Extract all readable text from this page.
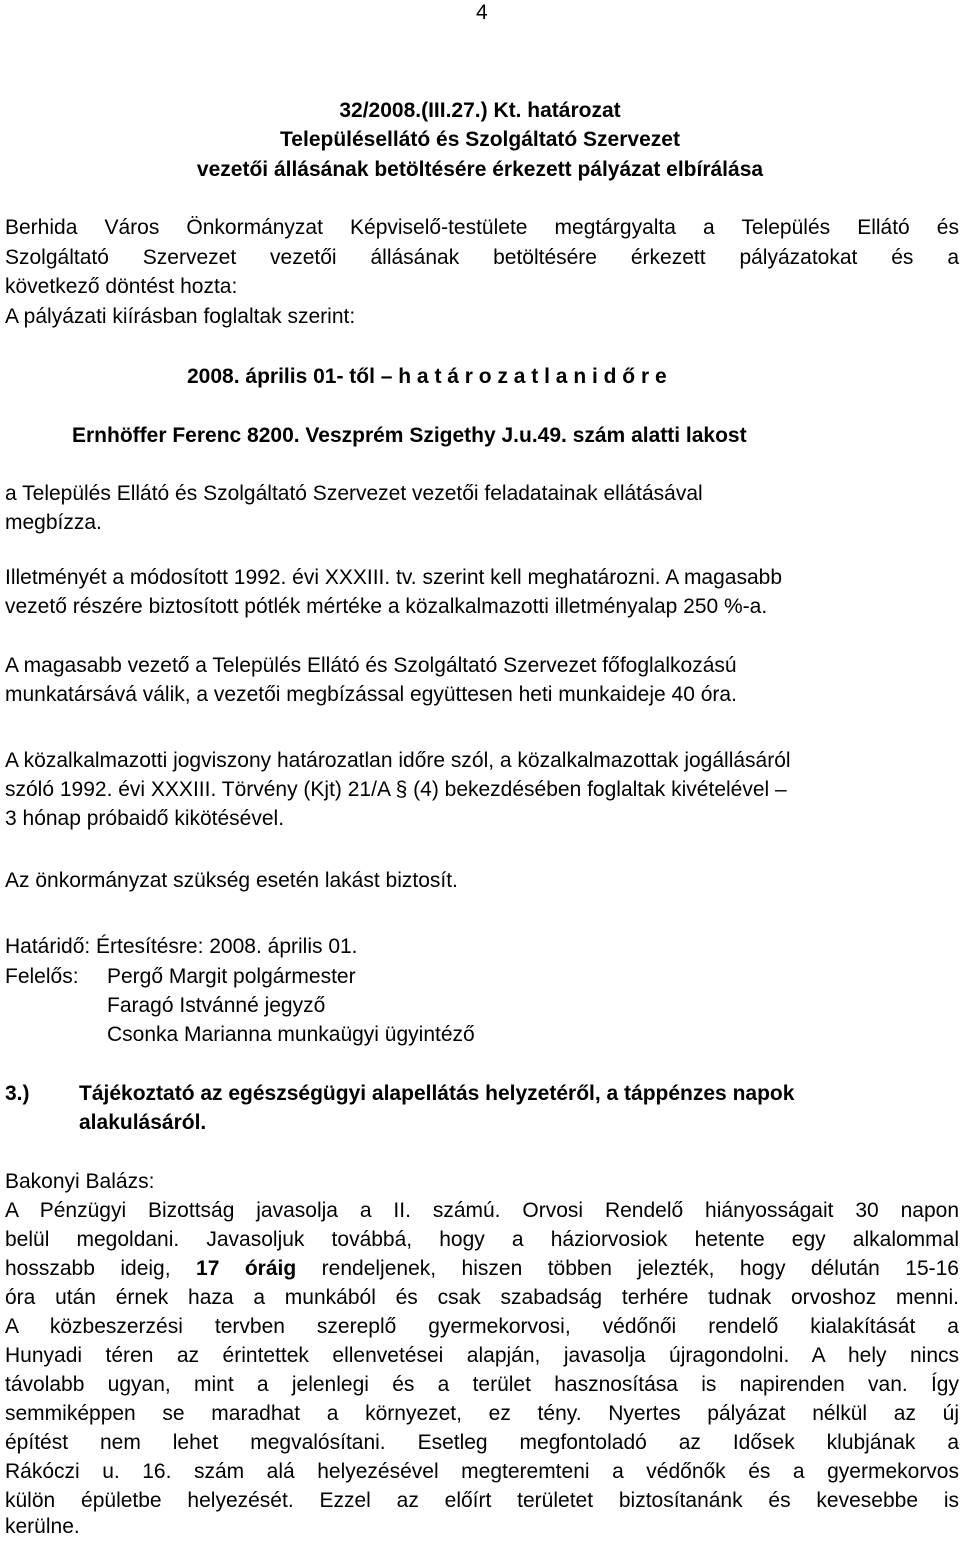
4
32/2008.(III.27.) Kt. határozat
Településellátó és Szolgáltató Szervezet
vezetői állásának betöltésére érkezett pályázat elbírálása
Berhida Város Önkormányzat Képviselő-testülete megtárgyalta a Település Ellátó és
Szolgáltató Szervezet vezetői állásának betöltésére érkezett pályázatokat és a
következő döntést hozta:
A pályázati kiírásban foglaltak szerint:
2008. április 01- től – h a t á r o z a t l a n i d ő r e
Ernhöffer Ferenc 8200. Veszprém Szigethy J.u.49. szám alatti lakost
a Település Ellátó és Szolgáltató Szervezet vezetői feladatainak ellátásával
megbízza.
Illetményét a módosított 1992. évi XXXIII. tv. szerint kell meghatározni. A magasabb
vezető részére biztosított pótlék mértéke a közalkalmazotti illetményalap 250 %-a.
A magasabb vezető a Település Ellátó és Szolgáltató Szervezet főfoglalkozású
munkatársává válik, a vezetői megbízással együttesen heti munkaideje 40 óra.
A közalkalmazotti jogviszony határozatlan időre szól, a közalkalmazottak jogállásáról
szóló 1992. évi XXXIII. Törvény (Kjt) 21/A § (4) bekezdésében foglaltak kivételével –
3 hónap próbaidő kikötésével.
Az önkormányzat szükség esetén lakást biztosít.
Határidő: Értesítésre: 2008. április 01.
Felelős: Pergő Margit polgármester
Faragó Istvánné jegyző
Csonka Marianna munkaügyi ügyintéző
3.) Tájékoztató az egészségügyi alapellátás helyzetéről, a táppénzes napok
alakulásáról.
Bakonyi Balázs:
A Pénzügyi Bizottság javasolja a II. számú. Orvosi Rendelő hiányosságait 30 napon
belül megoldani. Javasoljuk továbbá, hogy a háziorvosiok hetente egy alkalommal
hosszabb ideig, 17 óráig rendeljenek, hiszen többen jelezték, hogy délután 15-16
óra után érnek haza a munkából és csak szabadság terhére tudnak orvoshoz menni.
A közbeszerzési tervben szereplő gyermekorvosi, védőnői rendelő kialakítását a
Hunyadi téren az érintettek ellenvetései alapján, javasolja újragondolni. A hely nincs
távolabb ugyan, mint a jelenlegi és a terület hasznosítása is napirenden van. Így
semmiképpen se maradhat a környezet, ez tény. Nyertes pályázat nélkül az új
építést nem lehet megvalósítani. Esetleg megfontoladó az Idősek klubjának a
Rákóczi u. 16. szám alá helyezésével megteremteni a védőnők és a gyermekorvos
külön épületbe helyezését. Ezzel az előírt területet biztosítanánk és kevesebbe is
kerülne.
